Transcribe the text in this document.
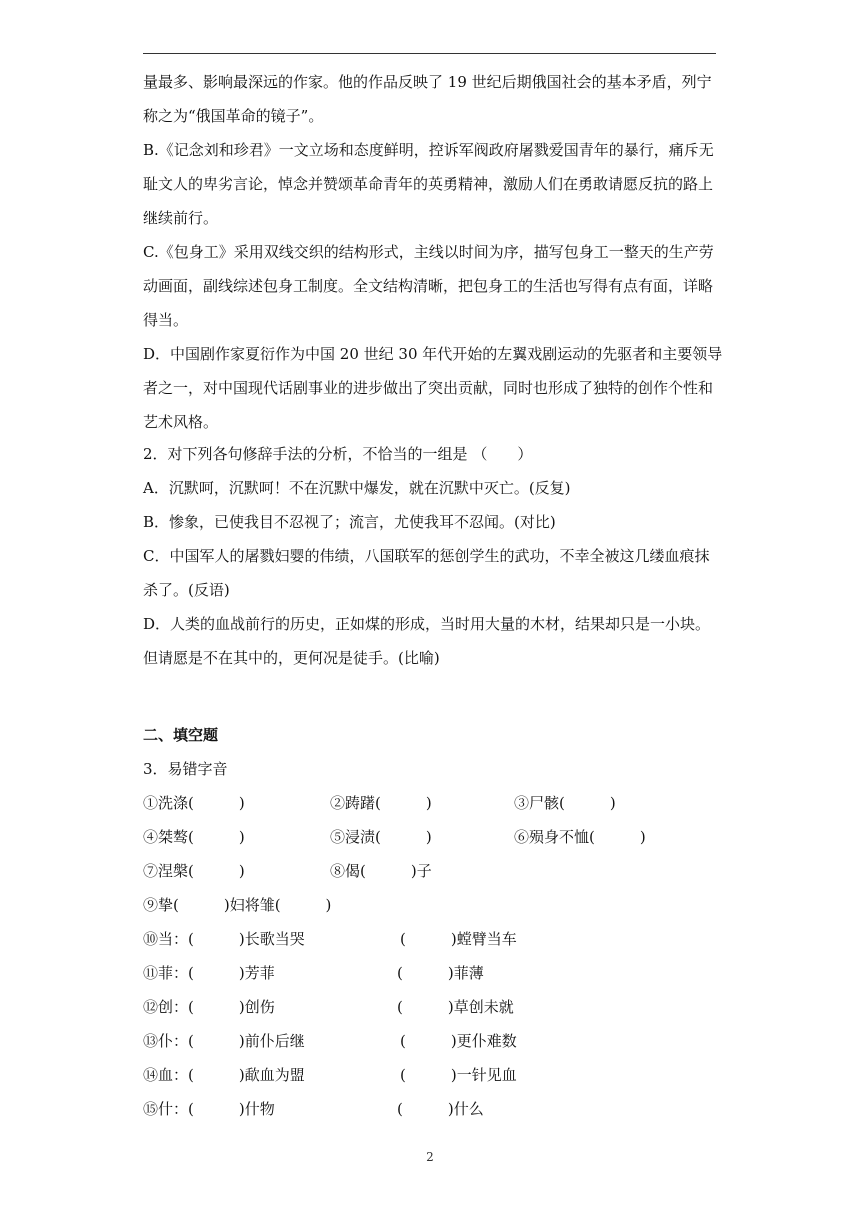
量最多、影响最深远的作家。他的作品反映了 19 世纪后期俄国社会的基本矛盾，列宁称之为“俄国革命的镜子”。
B.《记念刘和珍君》一文立场和态度鲜明，控诉军阀政府屠戮爱国青年的暴行，痛斥无耻文人的卑劣言论，悼念并赞颂革命青年的英勇精神，激励人们在勇敢请愿反抗的路上继续前行。
C.《包身工》采用双线交织的结构形式，主线以时间为序，描写包身工一整天的生产劳动画面，副线综述包身工制度。全文结构清晰，把包身工的生活也写得有点有面，详略得当。
D．中国剧作家夏衍作为中国 20 世纪 30 年代开始的左翼戏剧运动的先驱者和主要领导者之一，对中国现代话剧事业的进步做出了突出贡献，同时也形成了独特的创作个性和艺术风格。
2．对下列各句修辞手法的分析，不恰当的一组是 （　　）
A．沉默呵，沉默呵！不在沉默中爆发，就在沉默中灭亡。(反复)
B．惨象，已使我目不忍视了；流言，尤使我耳不忍闻。(对比)
C．中国军人的屠戮妇婴的伟绩，八国联军的惩创学生的武功，不幸全被这几缕血痕抹杀了。(反语)
D．人类的血战前行的历史，正如煤的形成，当时用大量的木材，结果却只是一小块。但请愿是不在其中的，更何况是徒手。(比喻)
二、填空题
3．易错字音
①洗涤(　　　)	②踌躇(　　　)	③尸骸(　　　)
④桀骜(　　　)	⑤浸渍(　　　)	⑥殒身不恤(　　　)
⑦涅槃(　　　)	⑧偈(　　　)子
⑨挚(　　　)妇将雏(　　　)
⑩当：(　　　)长歌当哭	(　　　)螳臂当车
⑪菲：(　　　)芳菲	(　　　)菲薄
⑫创：(　　　)创伤	(　　　)草创未就
⑬仆：(　　　)前仆后继	(　　　)更仆难数
⑭血：(　　　)歃血为盟	(　　　)一针见血
⑮什：(　　　)什物	(　　　)什么
2
